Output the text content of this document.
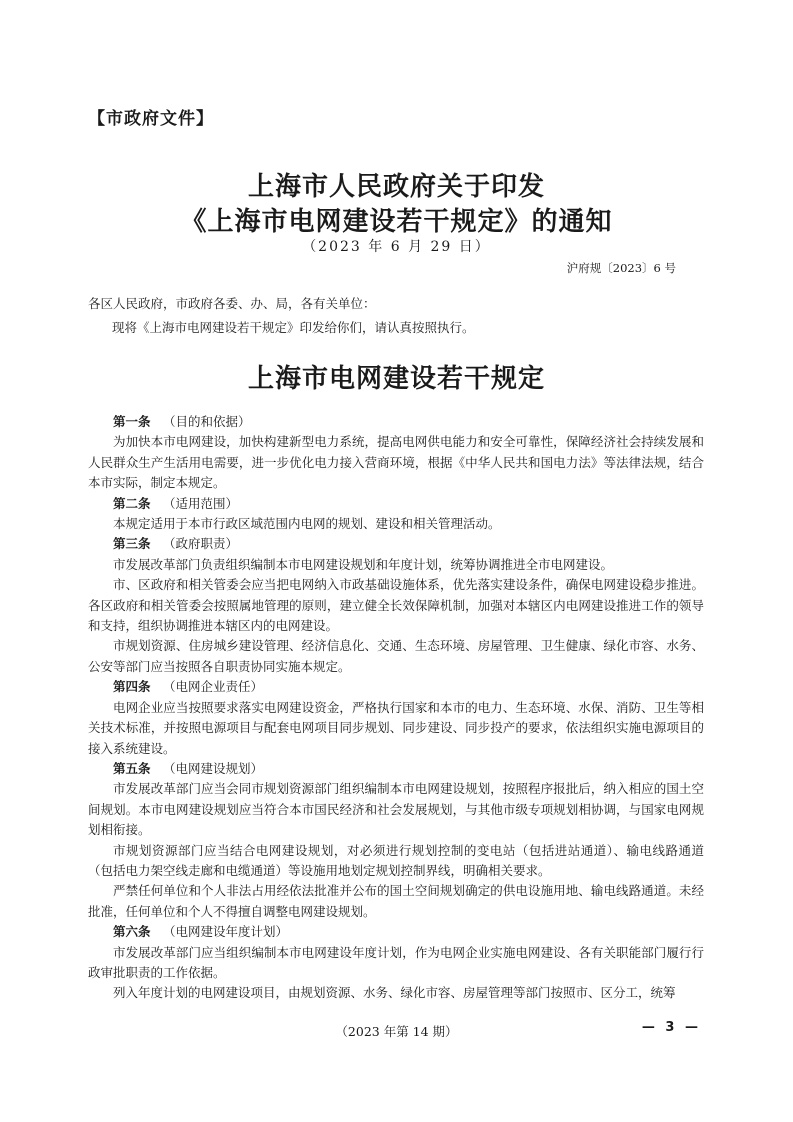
【市政府文件】
上海市人民政府关于印发
《上海市电网建设若干规定》的通知
（2023 年 6 月 29 日）
沪府规〔2023〕6 号
各区人民政府，市政府各委、办、局，各有关单位：
现将《上海市电网建设若干规定》印发给你们，请认真按照执行。
上海市电网建设若干规定
第一条 （目的和依据）

为加快本市电网建设，加快构建新型电力系统，提高电网供电能力和安全可靠性，保障经济社会持续发展和人民群众生产生活用电需要，进一步优化电力接入营商环境，根据《中华人民共和国电力法》等法律法规，结合本市实际，制定本规定。

第二条 （适用范围）

本规定适用于本市行政区域范围内电网的规划、建设和相关管理活动。

第三条 （政府职责）

市发展改革部门负责组织编制本市电网建设规划和年度计划，统筹协调推进全市电网建设。

市、区政府和相关管委会应当把电网纳入市政基础设施体系，优先落实建设条件，确保电网建设稳步推进。各区政府和相关管委会按照属地管理的原则，建立健全长效保障机制，加强对本辖区内电网建设推进工作的领导和支持，组织协调推进本辖区内的电网建设。

市规划资源、住房城乡建设管理、经济信息化、交通、生态环境、房屋管理、卫生健康、绿化市容、水务、公安等部门应当按照各自职责协同实施本规定。

第四条 （电网企业责任）

电网企业应当按照要求落实电网建设资金，严格执行国家和本市的电力、生态环境、水保、消防、卫生等相关技术标准，并按照电源项目与配套电网项目同步规划、同步建设、同步投产的要求，依法组织实施电源项目的接入系统建设。

第五条 （电网建设规划）

市发展改革部门应当会同市规划资源部门组织编制本市电网建设规划，按照程序报批后，纳入相应的国土空间规划。本市电网建设规划应当符合本市国民经济和社会发展规划，与其他市级专项规划相协调，与国家电网规划相衔接。

市规划资源部门应当结合电网建设规划，对必须进行规划控制的变电站（包括进站通道）、输电线路通道（包括电力架空线走廊和电缆通道）等设施用地划定规划控制界线，明确相关要求。

严禁任何单位和个人非法占用经依法批准并公布的国土空间规划确定的供电设施用地、输电线路通道。未经批准，任何单位和个人不得擅自调整电网建设规划。

第六条 （电网建设年度计划）

市发展改革部门应当组织编制本市电网建设年度计划，作为电网企业实施电网建设、各有关职能部门履行行政审批职责的工作依据。

列入年度计划的电网建设项目，由规划资源、水务、绿化市容、房屋管理等部门按照市、区分工，统筹

（2023 年第 14 期）	— 3 —
